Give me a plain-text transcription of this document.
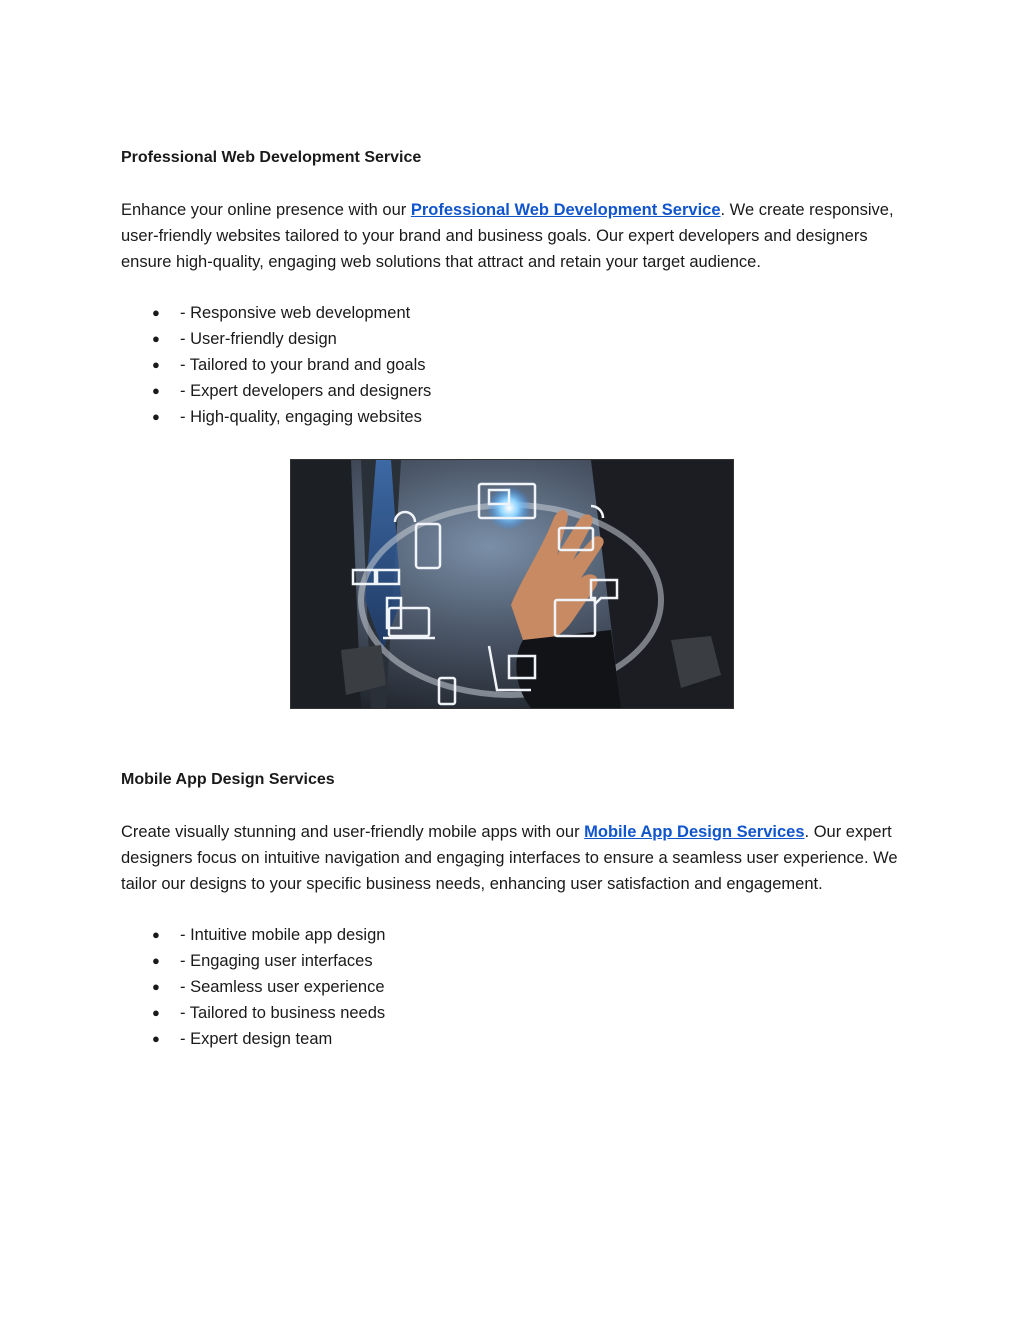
Professional Web Development Service

Enhance your online presence with our Professional Web Development Service. We create responsive, user-friendly websites tailored to your brand and business goals. Our expert developers and designers ensure high-quality, engaging web solutions that attract and retain your target audience.

●	- Responsive web development
●	- User-friendly design
●	- Tailored to your brand and goals
●	- Expert developers and designers
●	- High-quality, engaging websites
Mobile App Design Services

Create visually stunning and user-friendly mobile apps with our Mobile App Design Services. Our expert designers focus on intuitive navigation and engaging interfaces to ensure a seamless user experience. We tailor our designs to your specific business needs, enhancing user satisfaction and engagement.

●	- Intuitive mobile app design
●	- Engaging user interfaces
●	- Seamless user experience
●	- Tailored to business needs
●	- Expert design team
